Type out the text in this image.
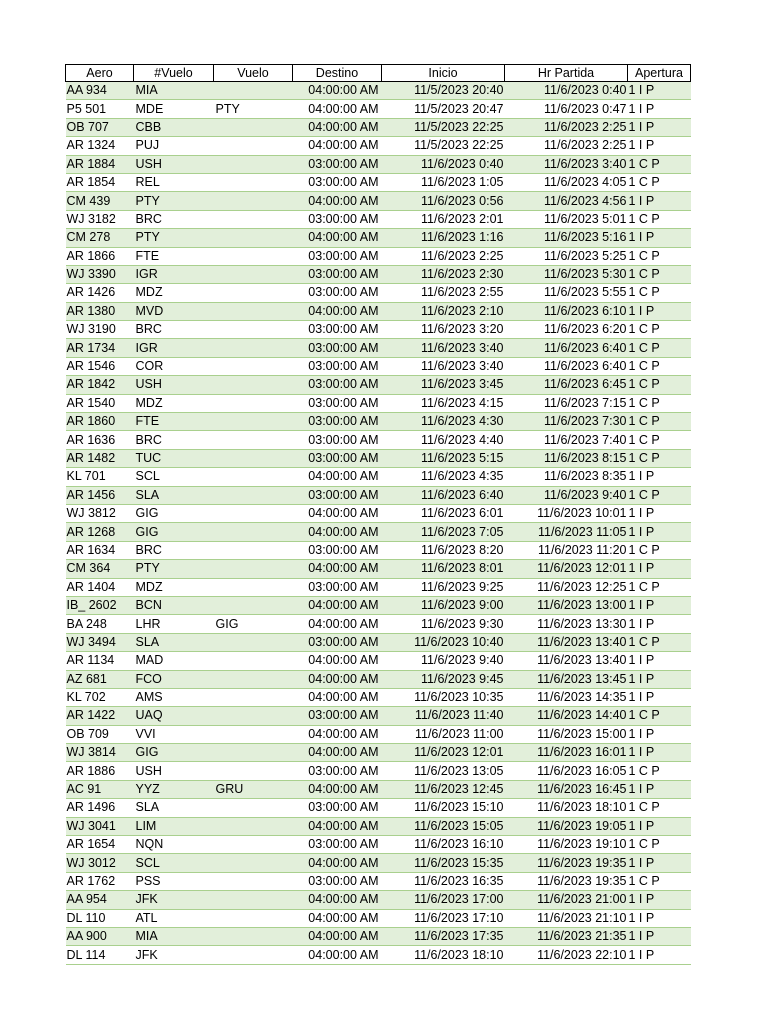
Aero	#Vuelo	Vuelo	Destino	Inicio	Hr Partida	Apertura
AA 934	MIA		04:00:00 AM	11/5/2023 20:40	11/6/2023 0:40	1 I P
P5 501	MDE	PTY	04:00:00 AM	11/5/2023 20:47	11/6/2023 0:47	1 I P
OB 707	CBB		04:00:00 AM	11/5/2023 22:25	11/6/2023 2:25	1 I P
AR 1324	PUJ		04:00:00 AM	11/5/2023 22:25	11/6/2023 2:25	1 I P
AR 1884	USH		03:00:00 AM	11/6/2023 0:40	11/6/2023 3:40	1 C P
AR 1854	REL		03:00:00 AM	11/6/2023 1:05	11/6/2023 4:05	1 C P
CM 439	PTY		04:00:00 AM	11/6/2023 0:56	11/6/2023 4:56	1 I P
WJ 3182	BRC		03:00:00 AM	11/6/2023 2:01	11/6/2023 5:01	1 C P
CM 278	PTY		04:00:00 AM	11/6/2023 1:16	11/6/2023 5:16	1 I P
AR 1866	FTE		03:00:00 AM	11/6/2023 2:25	11/6/2023 5:25	1 C P
WJ 3390	IGR		03:00:00 AM	11/6/2023 2:30	11/6/2023 5:30	1 C P
AR 1426	MDZ		03:00:00 AM	11/6/2023 2:55	11/6/2023 5:55	1 C P
AR 1380	MVD		04:00:00 AM	11/6/2023 2:10	11/6/2023 6:10	1 I P
WJ 3190	BRC		03:00:00 AM	11/6/2023 3:20	11/6/2023 6:20	1 C P
AR 1734	IGR		03:00:00 AM	11/6/2023 3:40	11/6/2023 6:40	1 C P
AR 1546	COR		03:00:00 AM	11/6/2023 3:40	11/6/2023 6:40	1 C P
AR 1842	USH		03:00:00 AM	11/6/2023 3:45	11/6/2023 6:45	1 C P
AR 1540	MDZ		03:00:00 AM	11/6/2023 4:15	11/6/2023 7:15	1 C P
AR 1860	FTE		03:00:00 AM	11/6/2023 4:30	11/6/2023 7:30	1 C P
AR 1636	BRC		03:00:00 AM	11/6/2023 4:40	11/6/2023 7:40	1 C P
AR 1482	TUC		03:00:00 AM	11/6/2023 5:15	11/6/2023 8:15	1 C P
KL 701	SCL		04:00:00 AM	11/6/2023 4:35	11/6/2023 8:35	1 I P
AR 1456	SLA		03:00:00 AM	11/6/2023 6:40	11/6/2023 9:40	1 C P
WJ 3812	GIG		04:00:00 AM	11/6/2023 6:01	11/6/2023 10:01	1 I P
AR 1268	GIG		04:00:00 AM	11/6/2023 7:05	11/6/2023 11:05	1 I P
AR 1634	BRC		03:00:00 AM	11/6/2023 8:20	11/6/2023 11:20	1 C P
CM 364	PTY		04:00:00 AM	11/6/2023 8:01	11/6/2023 12:01	1 I P
AR 1404	MDZ		03:00:00 AM	11/6/2023 9:25	11/6/2023 12:25	1 C P
IB_ 2602	BCN		04:00:00 AM	11/6/2023 9:00	11/6/2023 13:00	1 I P
BA 248	LHR	GIG	04:00:00 AM	11/6/2023 9:30	11/6/2023 13:30	1 I P
WJ 3494	SLA		03:00:00 AM	11/6/2023 10:40	11/6/2023 13:40	1 C P
AR 1134	MAD		04:00:00 AM	11/6/2023 9:40	11/6/2023 13:40	1 I P
AZ 681	FCO		04:00:00 AM	11/6/2023 9:45	11/6/2023 13:45	1 I P
KL 702	AMS		04:00:00 AM	11/6/2023 10:35	11/6/2023 14:35	1 I P
AR 1422	UAQ		03:00:00 AM	11/6/2023 11:40	11/6/2023 14:40	1 C P
OB 709	VVI		04:00:00 AM	11/6/2023 11:00	11/6/2023 15:00	1 I P
WJ 3814	GIG		04:00:00 AM	11/6/2023 12:01	11/6/2023 16:01	1 I P
AR 1886	USH		03:00:00 AM	11/6/2023 13:05	11/6/2023 16:05	1 C P
AC 91	YYZ	GRU	04:00:00 AM	11/6/2023 12:45	11/6/2023 16:45	1 I P
AR 1496	SLA		03:00:00 AM	11/6/2023 15:10	11/6/2023 18:10	1 C P
WJ 3041	LIM		04:00:00 AM	11/6/2023 15:05	11/6/2023 19:05	1 I P
AR 1654	NQN		03:00:00 AM	11/6/2023 16:10	11/6/2023 19:10	1 C P
WJ 3012	SCL		04:00:00 AM	11/6/2023 15:35	11/6/2023 19:35	1 I P
AR 1762	PSS		03:00:00 AM	11/6/2023 16:35	11/6/2023 19:35	1 C P
AA 954	JFK		04:00:00 AM	11/6/2023 17:00	11/6/2023 21:00	1 I P
DL 110	ATL		04:00:00 AM	11/6/2023 17:10	11/6/2023 21:10	1 I P
AA 900	MIA		04:00:00 AM	11/6/2023 17:35	11/6/2023 21:35	1 I P
DL 114	JFK		04:00:00 AM	11/6/2023 18:10	11/6/2023 22:10	1 I P
